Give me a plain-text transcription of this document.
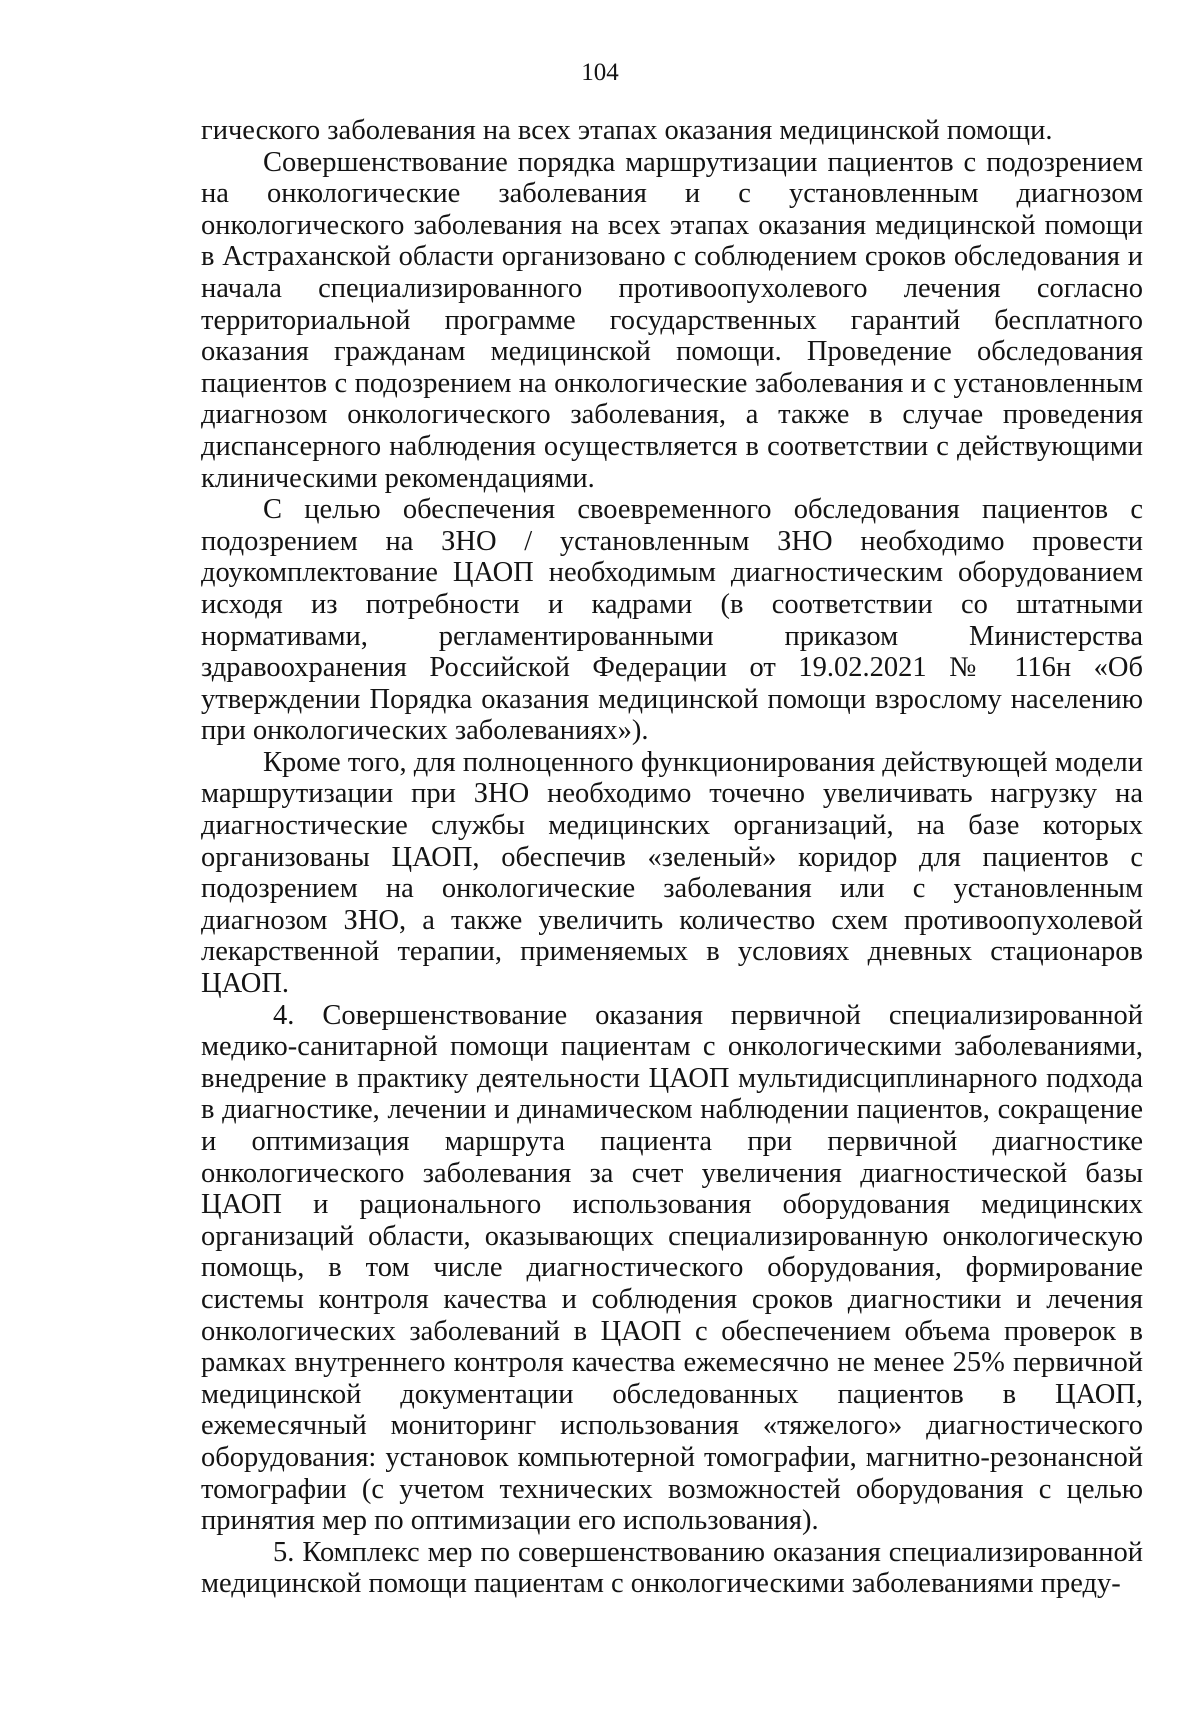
104

гического заболевания на всех этапах оказания медицинской помощи.

Совершенствование порядка маршрутизации пациентов с подозрением на онкологические заболевания и с установленным диагнозом онкологического заболевания на всех этапах оказания медицинской помощи в Астраханской области организовано с соблюдением сроков обследования и начала специализированного противоопухолевого лечения согласно территориальной программе государственных гарантий бесплатного оказания гражданам медицинской помощи. Проведение обследования пациентов с подозрением на онкологические заболевания и с установленным диагнозом онкологического заболевания, а также в случае проведения диспансерного наблюдения осуществляется в соответствии с действующими клиническими рекомендациями.

С целью обеспечения своевременного обследования пациентов с подозрением на ЗНО / установленным ЗНО необходимо провести доукомплектование ЦАОП необходимым диагностическим оборудованием исходя из потребности и кадрами (в соответствии со штатными нормативами, регламентированными приказом Министерства здравоохранения Российской Федерации от 19.02.2021 № 116н «Об утверждении Порядка оказания медицинской помощи взрослому населению при онкологических заболеваниях»).

Кроме того, для полноценного функционирования действующей модели маршрутизации при ЗНО необходимо точечно увеличивать нагрузку на диагностические службы медицинских организаций, на базе которых организованы ЦАОП, обеспечив «зеленый» коридор для пациентов с подозрением на онкологические заболевания или с установленным диагнозом ЗНО, а также увеличить количество схем противоопухолевой лекарственной терапии, применяемых в условиях дневных стационаров ЦАОП.

4. Совершенствование оказания первичной специализированной медико-санитарной помощи пациентам с онкологическими заболеваниями, внедрение в практику деятельности ЦАОП мультидисциплинарного подхода в диагностике, лечении и динамическом наблюдении пациентов, сокращение и оптимизация маршрута пациента при первичной диагностике онкологического заболевания за счет увеличения диагностической базы ЦАОП и рационального использования оборудования медицинских организаций области, оказывающих специализированную онкологическую помощь, в том числе диагностического оборудования, формирование системы контроля качества и соблюдения сроков диагностики и лечения онкологических заболеваний в ЦАОП с обеспечением объема проверок в рамках внутреннего контроля качества ежемесячно не менее 25% первичной медицинской документации обследованных пациентов в ЦАОП, ежемесячный мониторинг использования «тяжелого» диагностического оборудования: установок компьютерной томографии, магнитно-резонансной томографии (с учетом технических возможностей оборудования с целью принятия мер по оптимизации его использования).

5. Комплекс мер по совершенствованию оказания специализированной медицинской помощи пациентам с онкологическими заболеваниями преду-
